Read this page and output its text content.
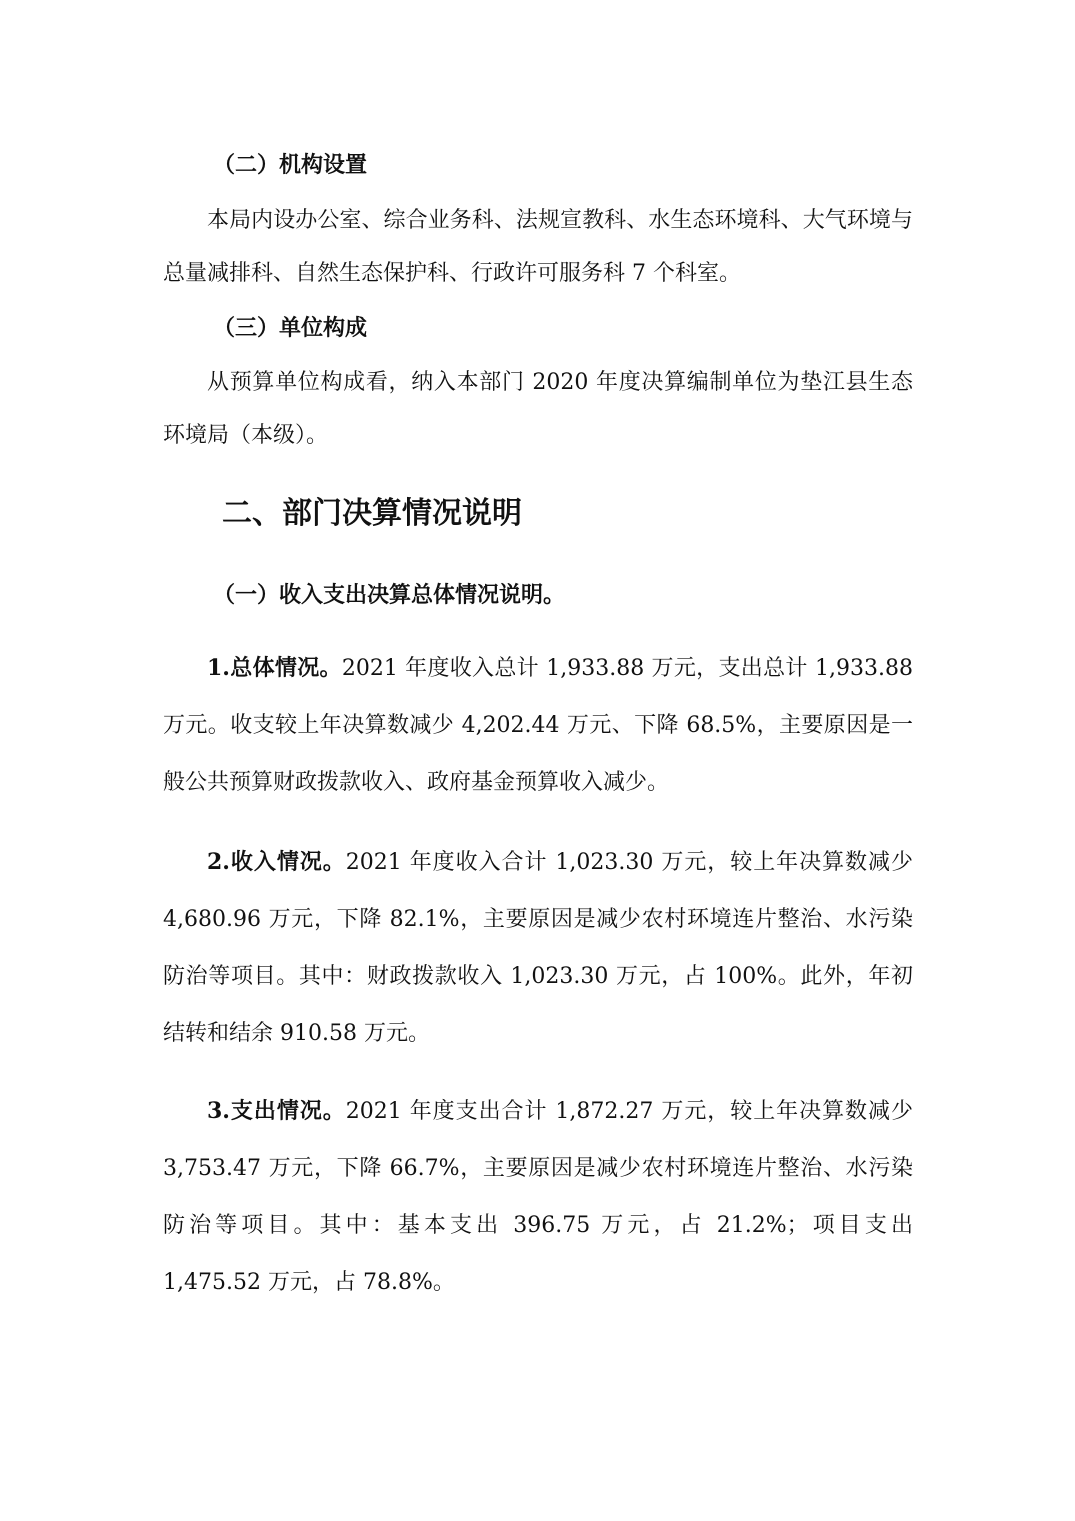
（二）机构设置
本局内设办公室、综合业务科、法规宣教科、水生态环境科、大气环境与总量减排科、自然生态保护科、行政许可服务科 7 个科室。
（三）单位构成
从预算单位构成看，纳入本部门 2020 年度决算编制单位为垫江县生态环境局（本级）。
二、部门决算情况说明
（一）收入支出决算总体情况说明。
1.总体情况。2021 年度收入总计 1,933.88 万元，支出总计 1,933.88 万元。收支较上年决算数减少 4,202.44 万元、下降 68.5%，主要原因是一般公共预算财政拨款收入、政府基金预算收入减少。
2.收入情况。2021 年度收入合计 1,023.30 万元，较上年决算数减少 4,680.96 万元，下降 82.1%，主要原因是减少农村环境连片整治、水污染防治等项目。其中：财政拨款收入 1,023.30 万元，占 100%。此外，年初结转和结余 910.58 万元。
3.支出情况。2021 年度支出合计 1,872.27 万元，较上年决算数减少 3,753.47 万元，下降 66.7%，主要原因是减少农村环境连片整治、水污染防治等项目。其中：基本支出 396.75 万元，占 21.2%；项目支出 1,475.52 万元，占 78.8%。
